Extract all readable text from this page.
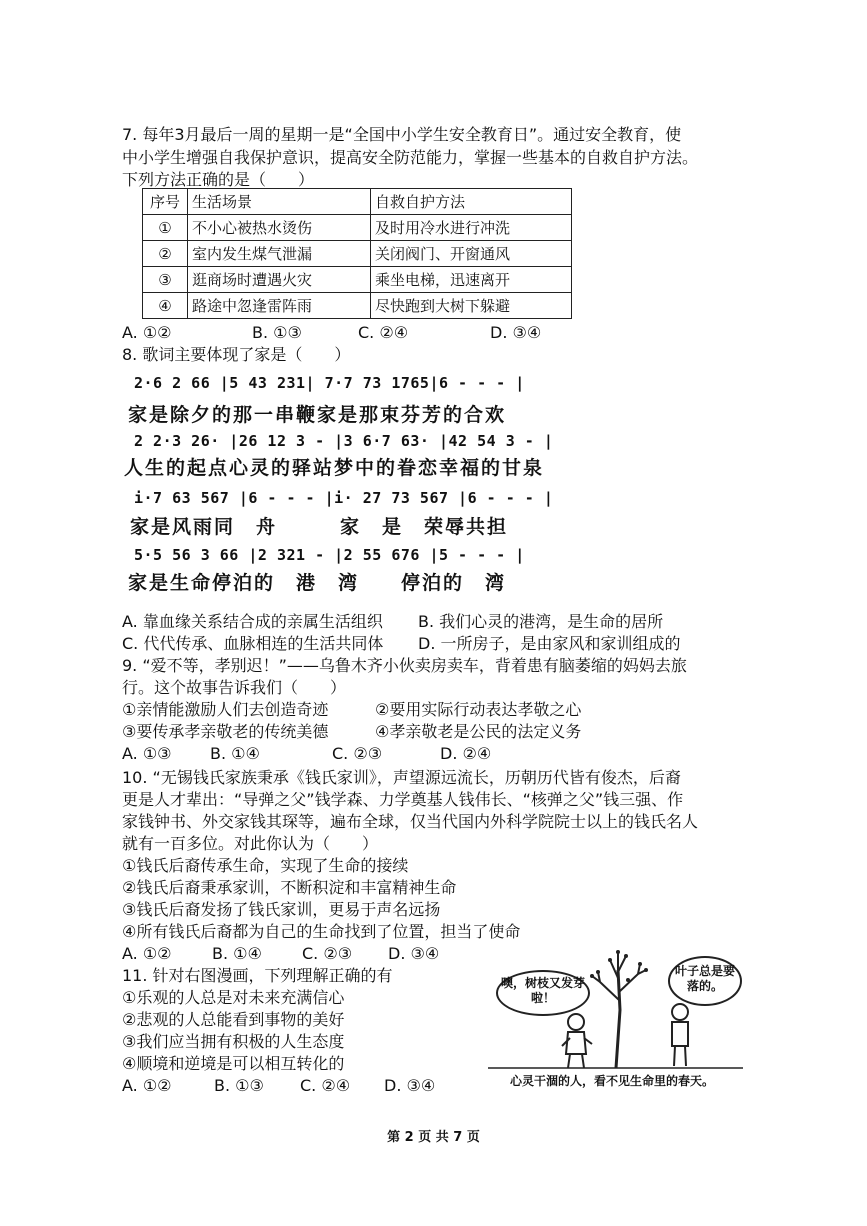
7. 每年3月最后一周的星期一是“全国中小学生安全教育日”。通过安全教育，使
中小学生增强自我保护意识，提高安全防范能力，掌握一些基本的自救自护方法。
下列方法正确的是（　　）
序号	生活场景	自救自护方法
①	不小心被热水烫伤	及时用冷水进行冲洗
②	室内发生煤气泄漏	关闭阀门、开窗通风
③	逛商场时遭遇火灾	乘坐电梯，迅速离开
④	路途中忽逢雷阵雨	尽快跑到大树下躲避
A. ①②	B. ①③	C. ②④	D. ③④
8. 歌词主要体现了家是（　　）
2·6 2 66 |5 43 231| 7·7 73 1765|6 - - - |
家是除夕的那一串鞭家是那束芬芳的合欢
2 2·3 26· |26 12 3 - |3 6·7 63· |42 54 3 - |
人生的起点心灵的驿站梦中的眷恋幸福的甘泉
i·7 63 567 |6 - - - |i· 27 73 567 |6 - - - |
家是风雨同　舟　　　家　是　荣辱共担
5·5 56 3 66 |2 321 - |2 55 676 |5 - - - |
家是生命停泊的　港　湾　　停泊的　湾
A. 靠血缘关系结合成的亲属生活组织 B. 我们心灵的港湾，是生命的居所
C. 代代传承、血脉相连的生活共同体 D. 一所房子，是由家风和家训组成的
9. “爱不等，孝别迟！”——乌鲁木齐小伙卖房卖车，背着患有脑萎缩的妈妈去旅
行。这个故事告诉我们（　　）
①亲情能激励人们去创造奇迹	②要用实际行动表达孝敬之心
③要传承孝亲敬老的传统美德	④孝亲敬老是公民的法定义务
A. ①③ B. ①④	C. ②③	D. ②④
10. “无锡钱氏家族秉承《钱氏家训》，声望源远流长，历朝历代皆有俊杰，后裔
更是人才辈出：“导弹之父”钱学森、力学奠基人钱伟长、“核弹之父”钱三强、作
家钱钟书、外交家钱其琛等，遍布全球，仅当代国内外科学院院士以上的钱氏名人
就有一百多位。对此你认为（　　）
①钱氏后裔传承生命，实现了生命的接续
②钱氏后裔秉承家训，不断积淀和丰富精神生命
③钱氏后裔发扬了钱氏家训，更易于声名远扬
④所有钱氏后裔都为自己的生命找到了位置，担当了使命
A. ①②	B. ①④	C. ②③ D. ③④
11. 针对右图漫画，下列理解正确的有
①乐观的人总是对未来充满信心
②悲观的人总能看到事物的美好
③我们应当拥有积极的人生态度
④顺境和逆境是可以相互转化的
A. ①②	B. ①③ C. ②④ D. ③④
噢，树枝又发芽啦！
叶子总是要落的。
心灵干涸的人，看不见生命里的春天。
第 2 页 共 7 页
